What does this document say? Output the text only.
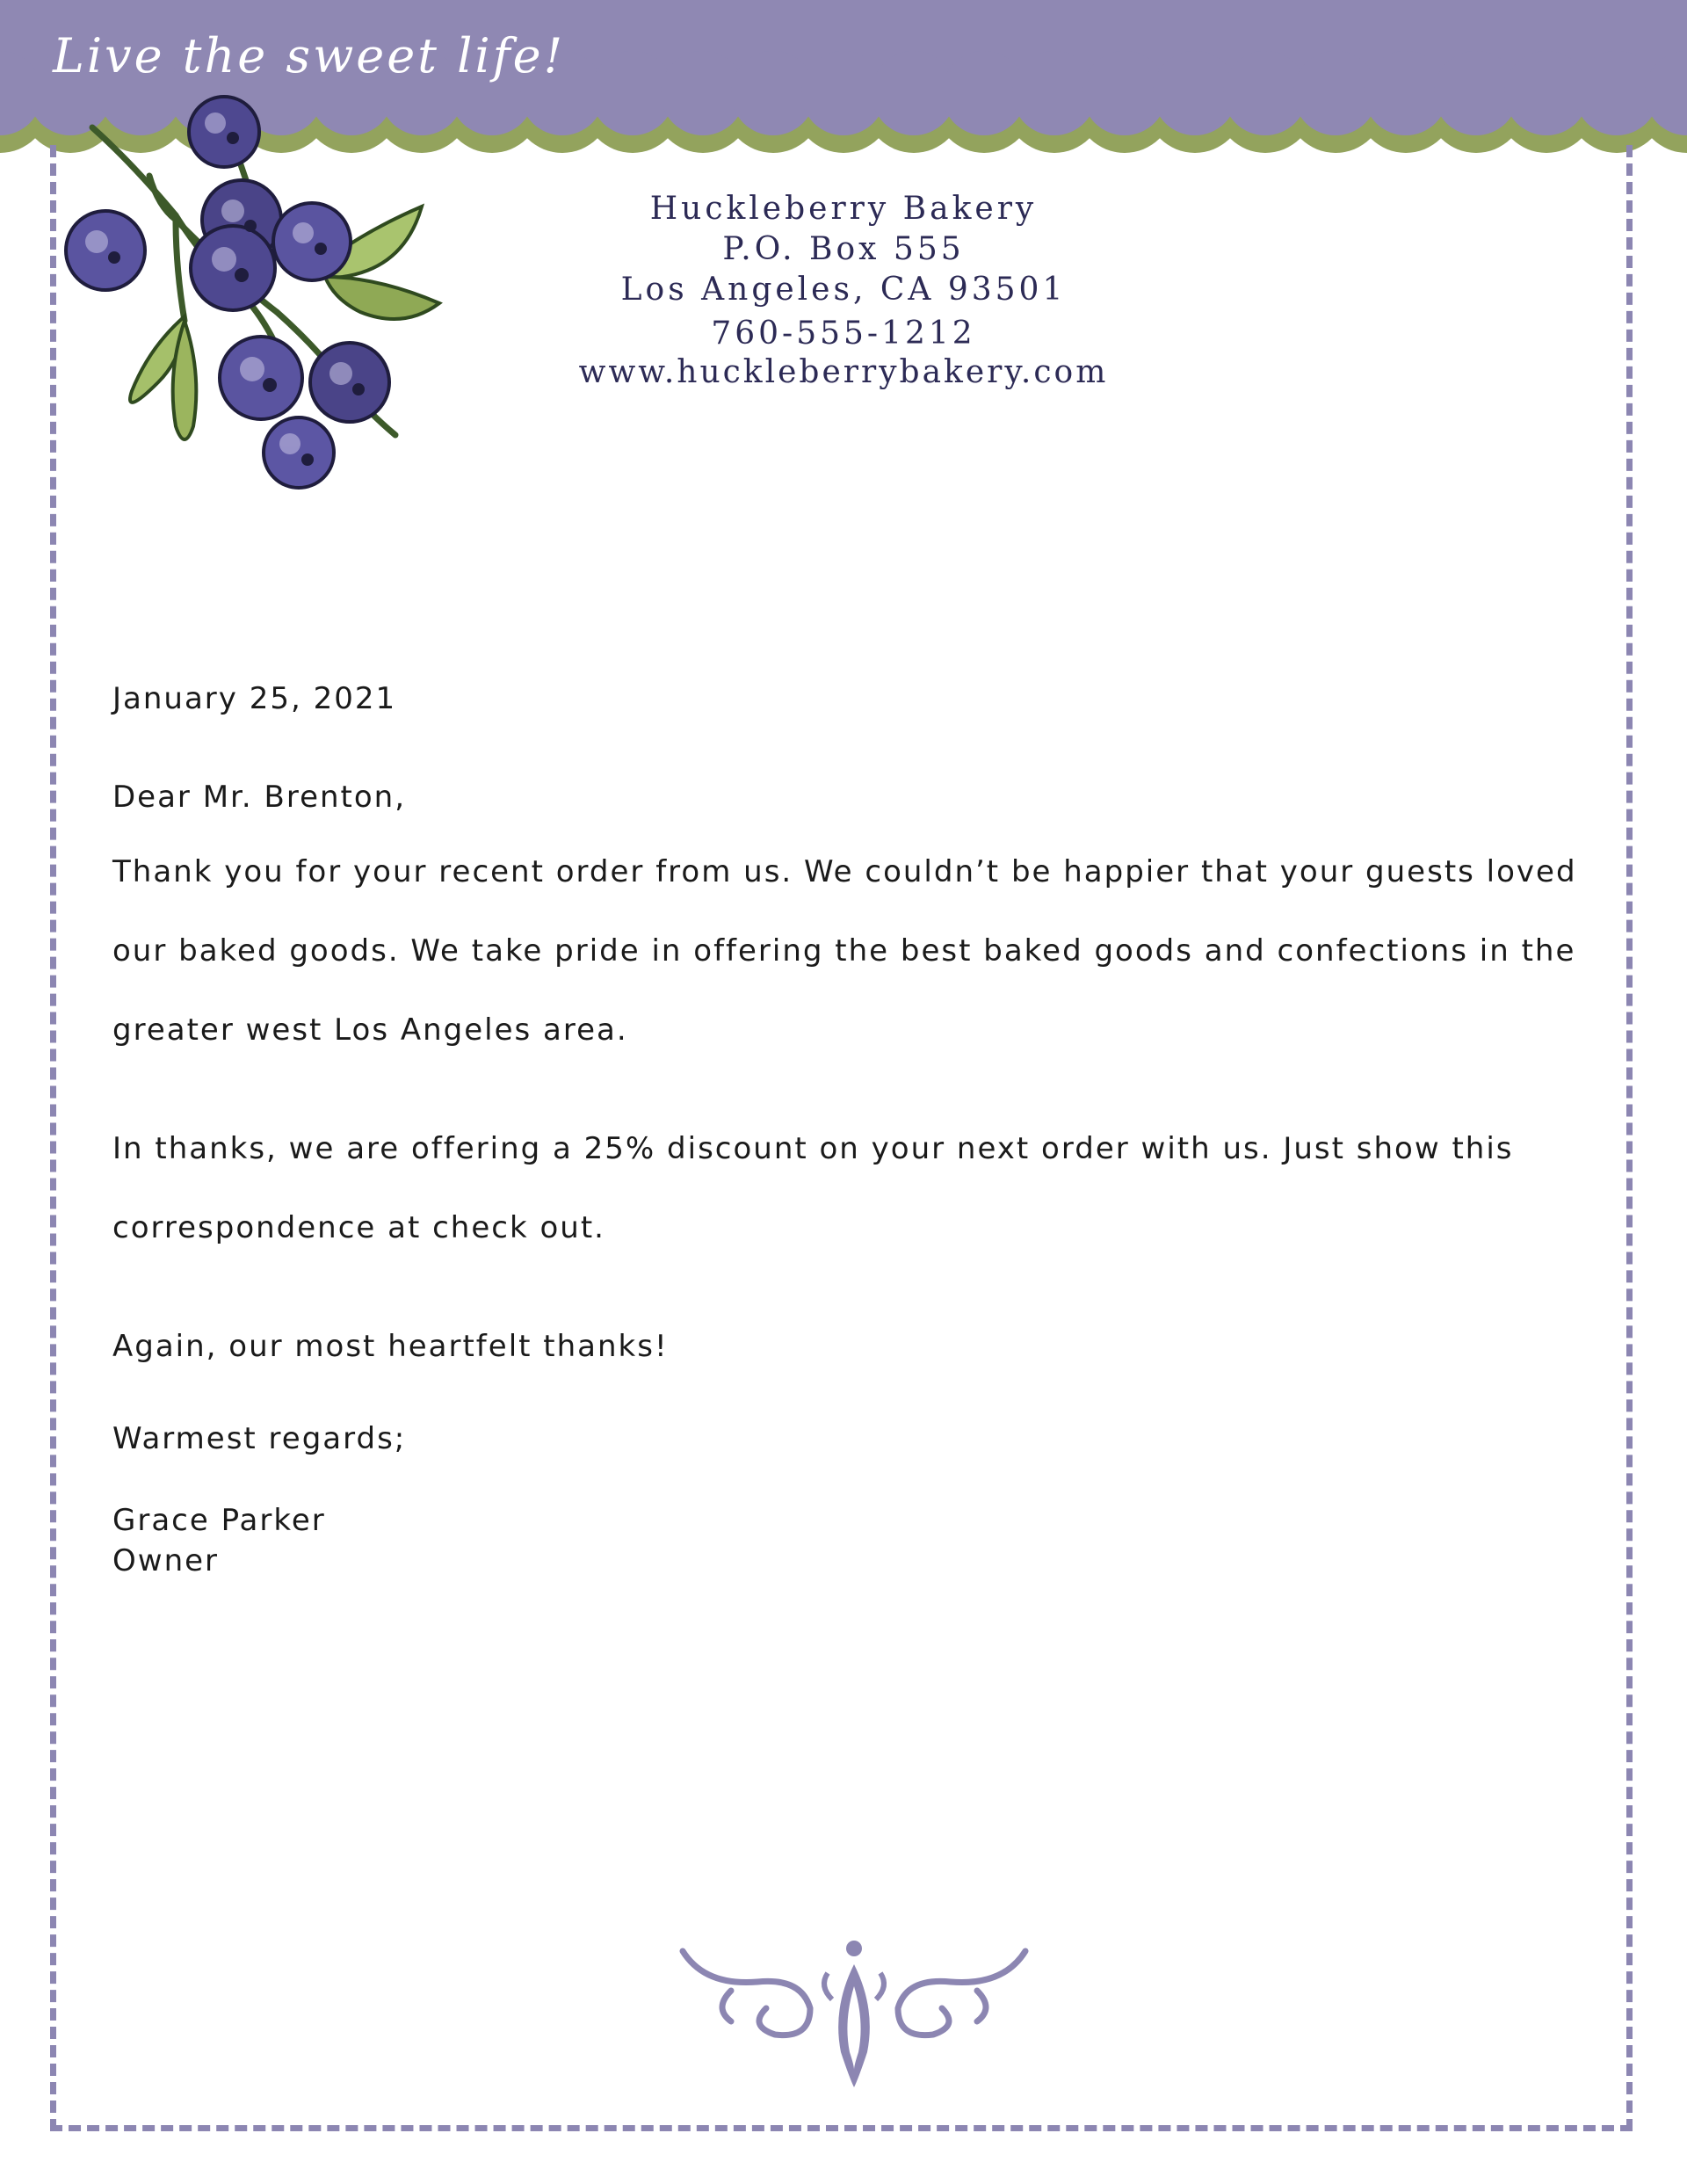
Live the sweet life!
Huckleberry Bakery
P.O. Box 555
Los Angeles, CA 93501
760-555-1212
www.huckleberrybakery.com
January 25, 2021
Dear Mr. Brenton,
Thank you for your recent order from us. We couldn’t be happier that your guests loved our baked goods. We take pride in offering the best baked goods and confections in the greater west Los Angeles area.
In thanks, we are offering a 25% discount on your next order with us. Just show this correspondence at check out.
Again, our most heartfelt thanks!
Warmest regards;
Grace Parker
Owner
